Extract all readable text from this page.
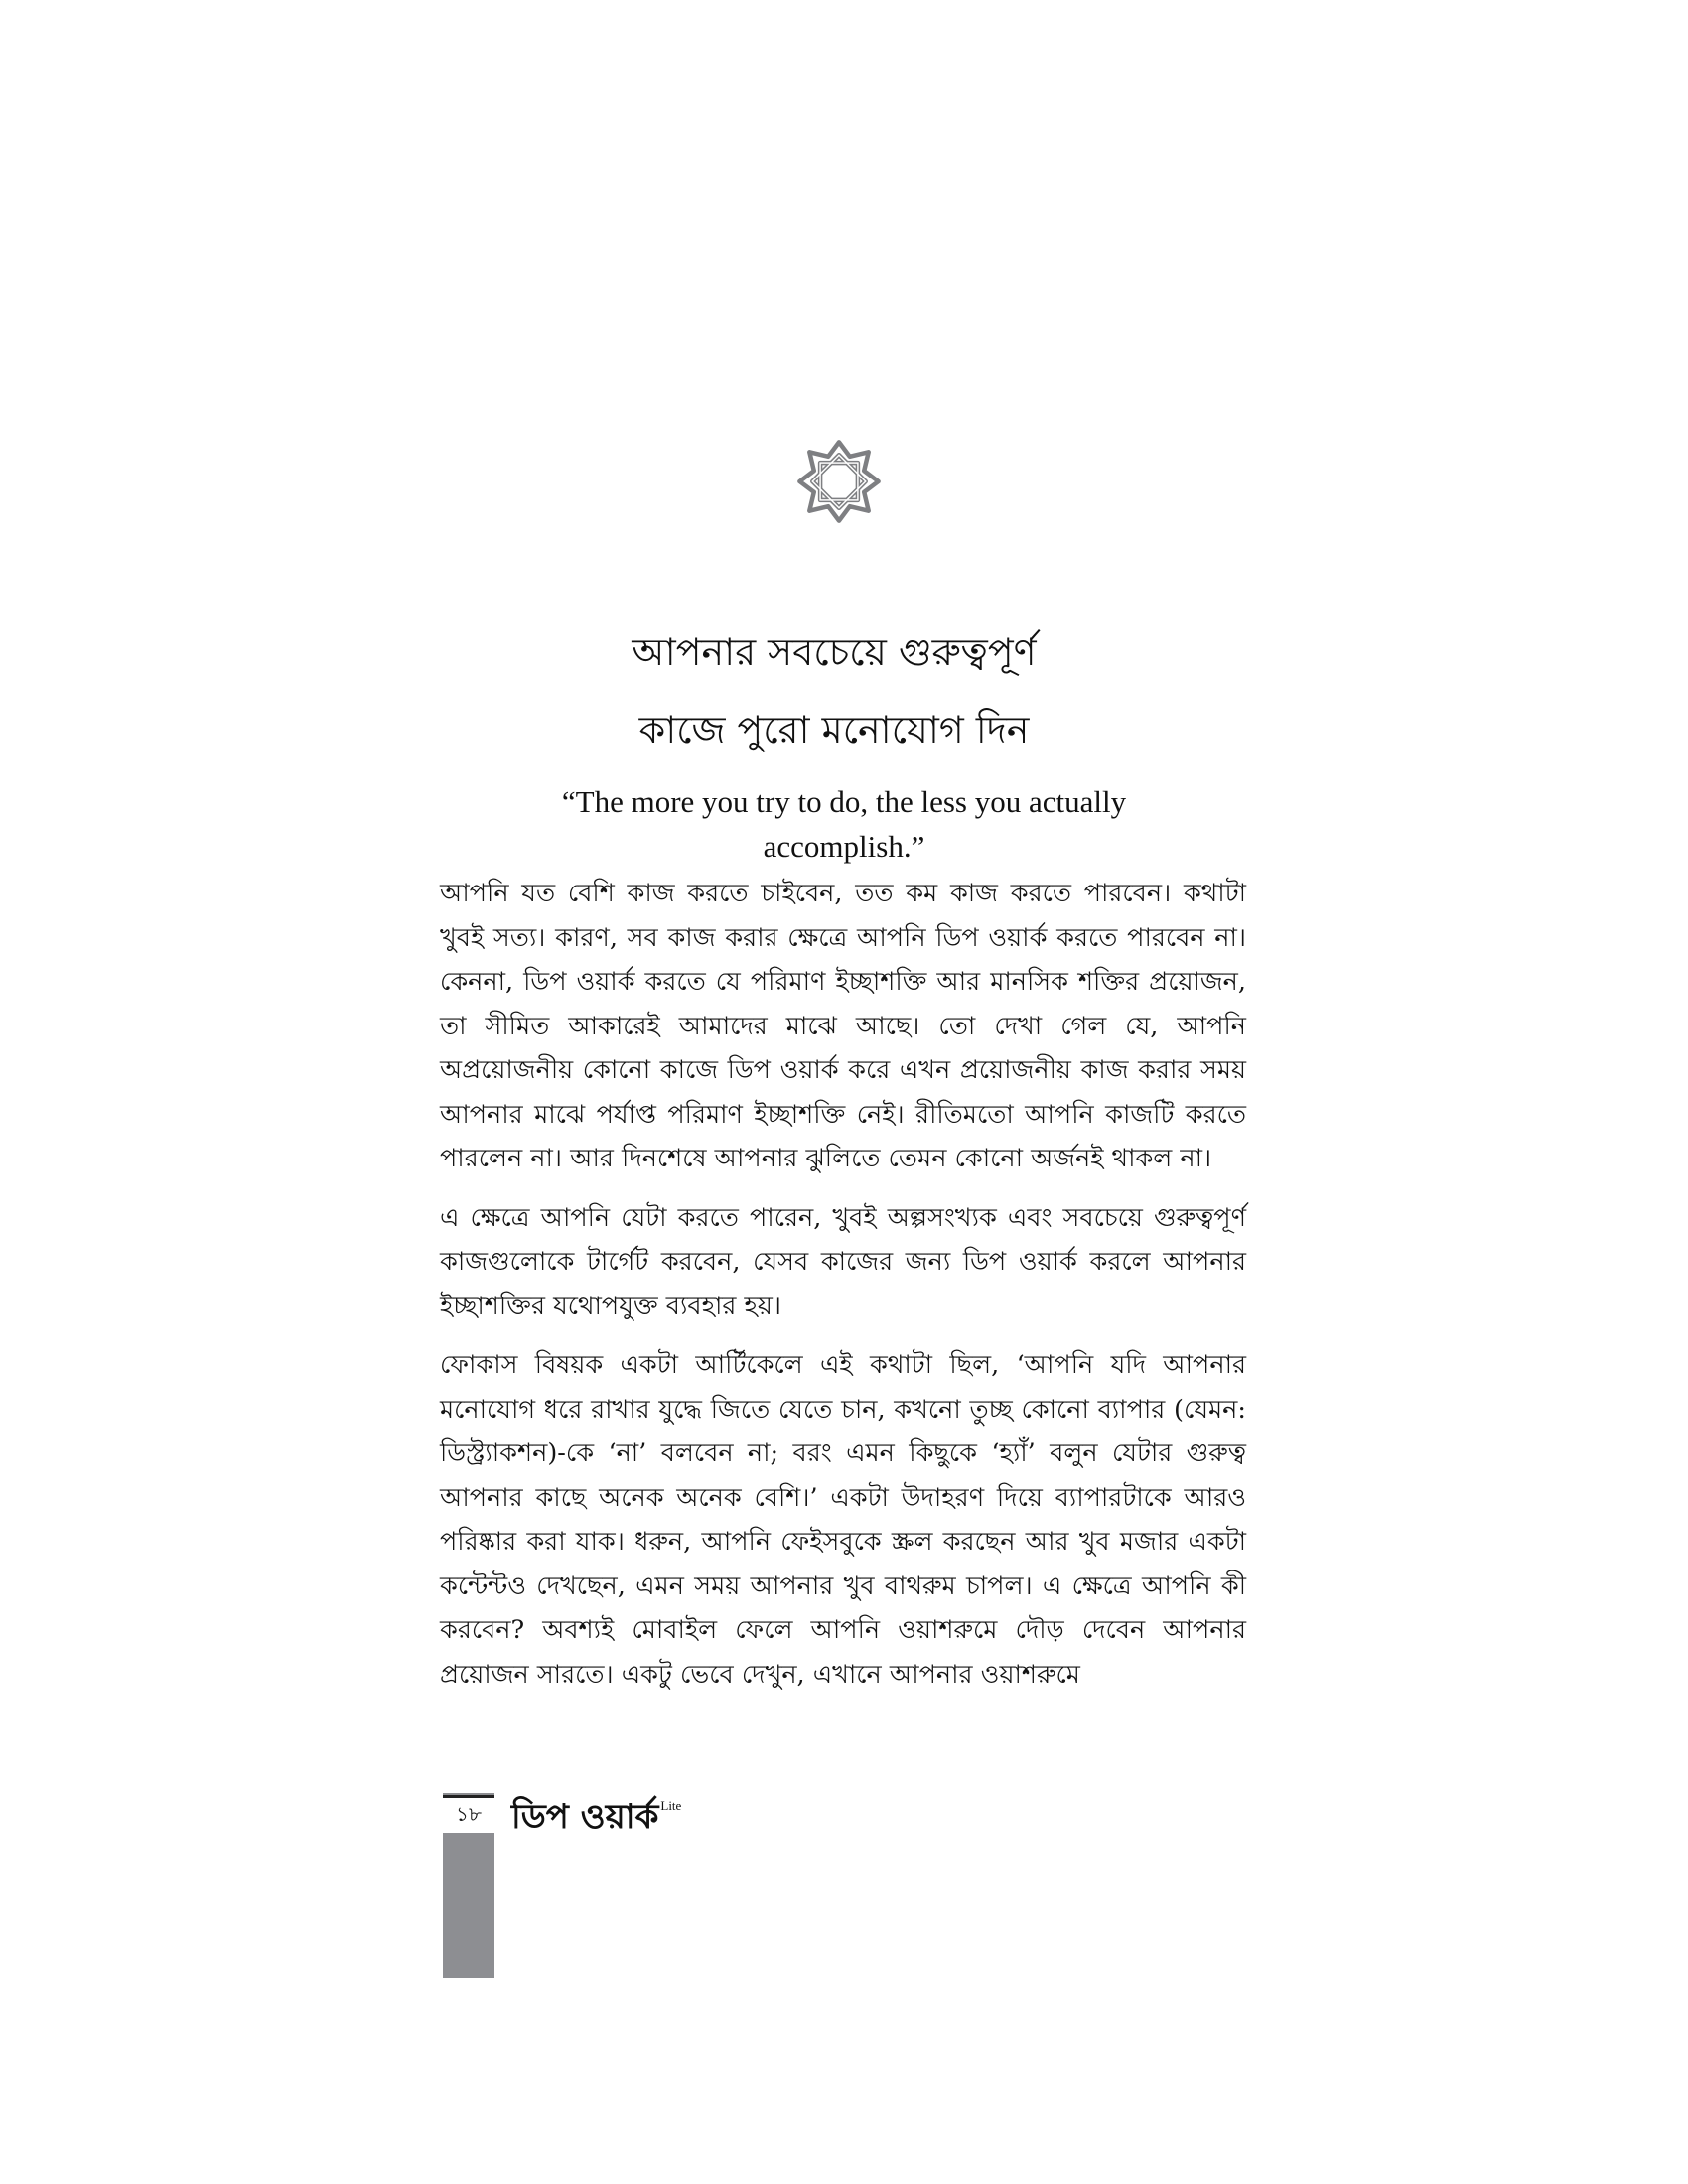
আপনার সবচেয়ে গুরুত্বপূর্ণ
কাজে পুরো মনোযোগ দিন
“The more you try to do, the less you actually accomplish.”

আপনি যত বেশি কাজ করতে চাইবেন, তত কম কাজ করতে পারবেন। কথাটা খুবই সত্য। কারণ, সব কাজ করার ক্ষেত্রে আপনি ডিপ ওয়ার্ক করতে পারবেন না। কেননা, ডিপ ওয়ার্ক করতে যে পরিমাণ ইচ্ছাশক্তি আর মানসিক শক্তির প্রয়োজন, তা সীমিত আকারেই আমাদের মাঝে আছে। তো দেখা গেল যে, আপনি অপ্রয়োজনীয় কোনো কাজে ডিপ ওয়ার্ক করে এখন প্রয়োজনীয় কাজ করার সময় আপনার মাঝে পর্যাপ্ত পরিমাণ ইচ্ছাশক্তি নেই। রীতিমতো আপনি কাজটি করতে পারলেন না। আর দিনশেষে আপনার ঝুলিতে তেমন কোনো অর্জনই থাকল না।

এ ক্ষেত্রে আপনি যেটা করতে পারেন, খুবই অল্পসংখ্যক এবং সবচেয়ে গুরুত্বপূর্ণ কাজগুলোকে টার্গেট করবেন, যেসব কাজের জন্য ডিপ ওয়ার্ক করলে আপনার ইচ্ছাশক্তির যথোপযুক্ত ব্যবহার হয়।

ফোকাস বিষয়ক একটা আর্টিকেলে এই কথাটা ছিল, ‘আপনি যদি আপনার মনোযোগ ধরে রাখার যুদ্ধে জিতে যেতে চান, কখনো তুচ্ছ কোনো ব্যাপার (যেমন: ডিস্ট্র্যাকশন)-কে ‘না’ বলবেন না; বরং এমন কিছুকে ‘হ্যাঁ’ বলুন যেটার গুরুত্ব আপনার কাছে অনেক অনেক বেশি।’ একটা উদাহরণ দিয়ে ব্যাপারটাকে আরও পরিষ্কার করা যাক। ধরুন, আপনি ফেইসবুকে স্ক্রল করছেন আর খুব মজার একটা কন্টেন্টও দেখছেন, এমন সময় আপনার খুব বাথরুম চাপল। এ ক্ষেত্রে আপনি কী করবেন? অবশ্যই মোবাইল ফেলে আপনি ওয়াশরুমে দৌড় দেবেন আপনার প্রয়োজন সারতে। একটু ভেবে দেখুন, এখানে আপনার ওয়াশরুমে

১৮ ডিপ ওয়ার্ক $^{Lite}$
